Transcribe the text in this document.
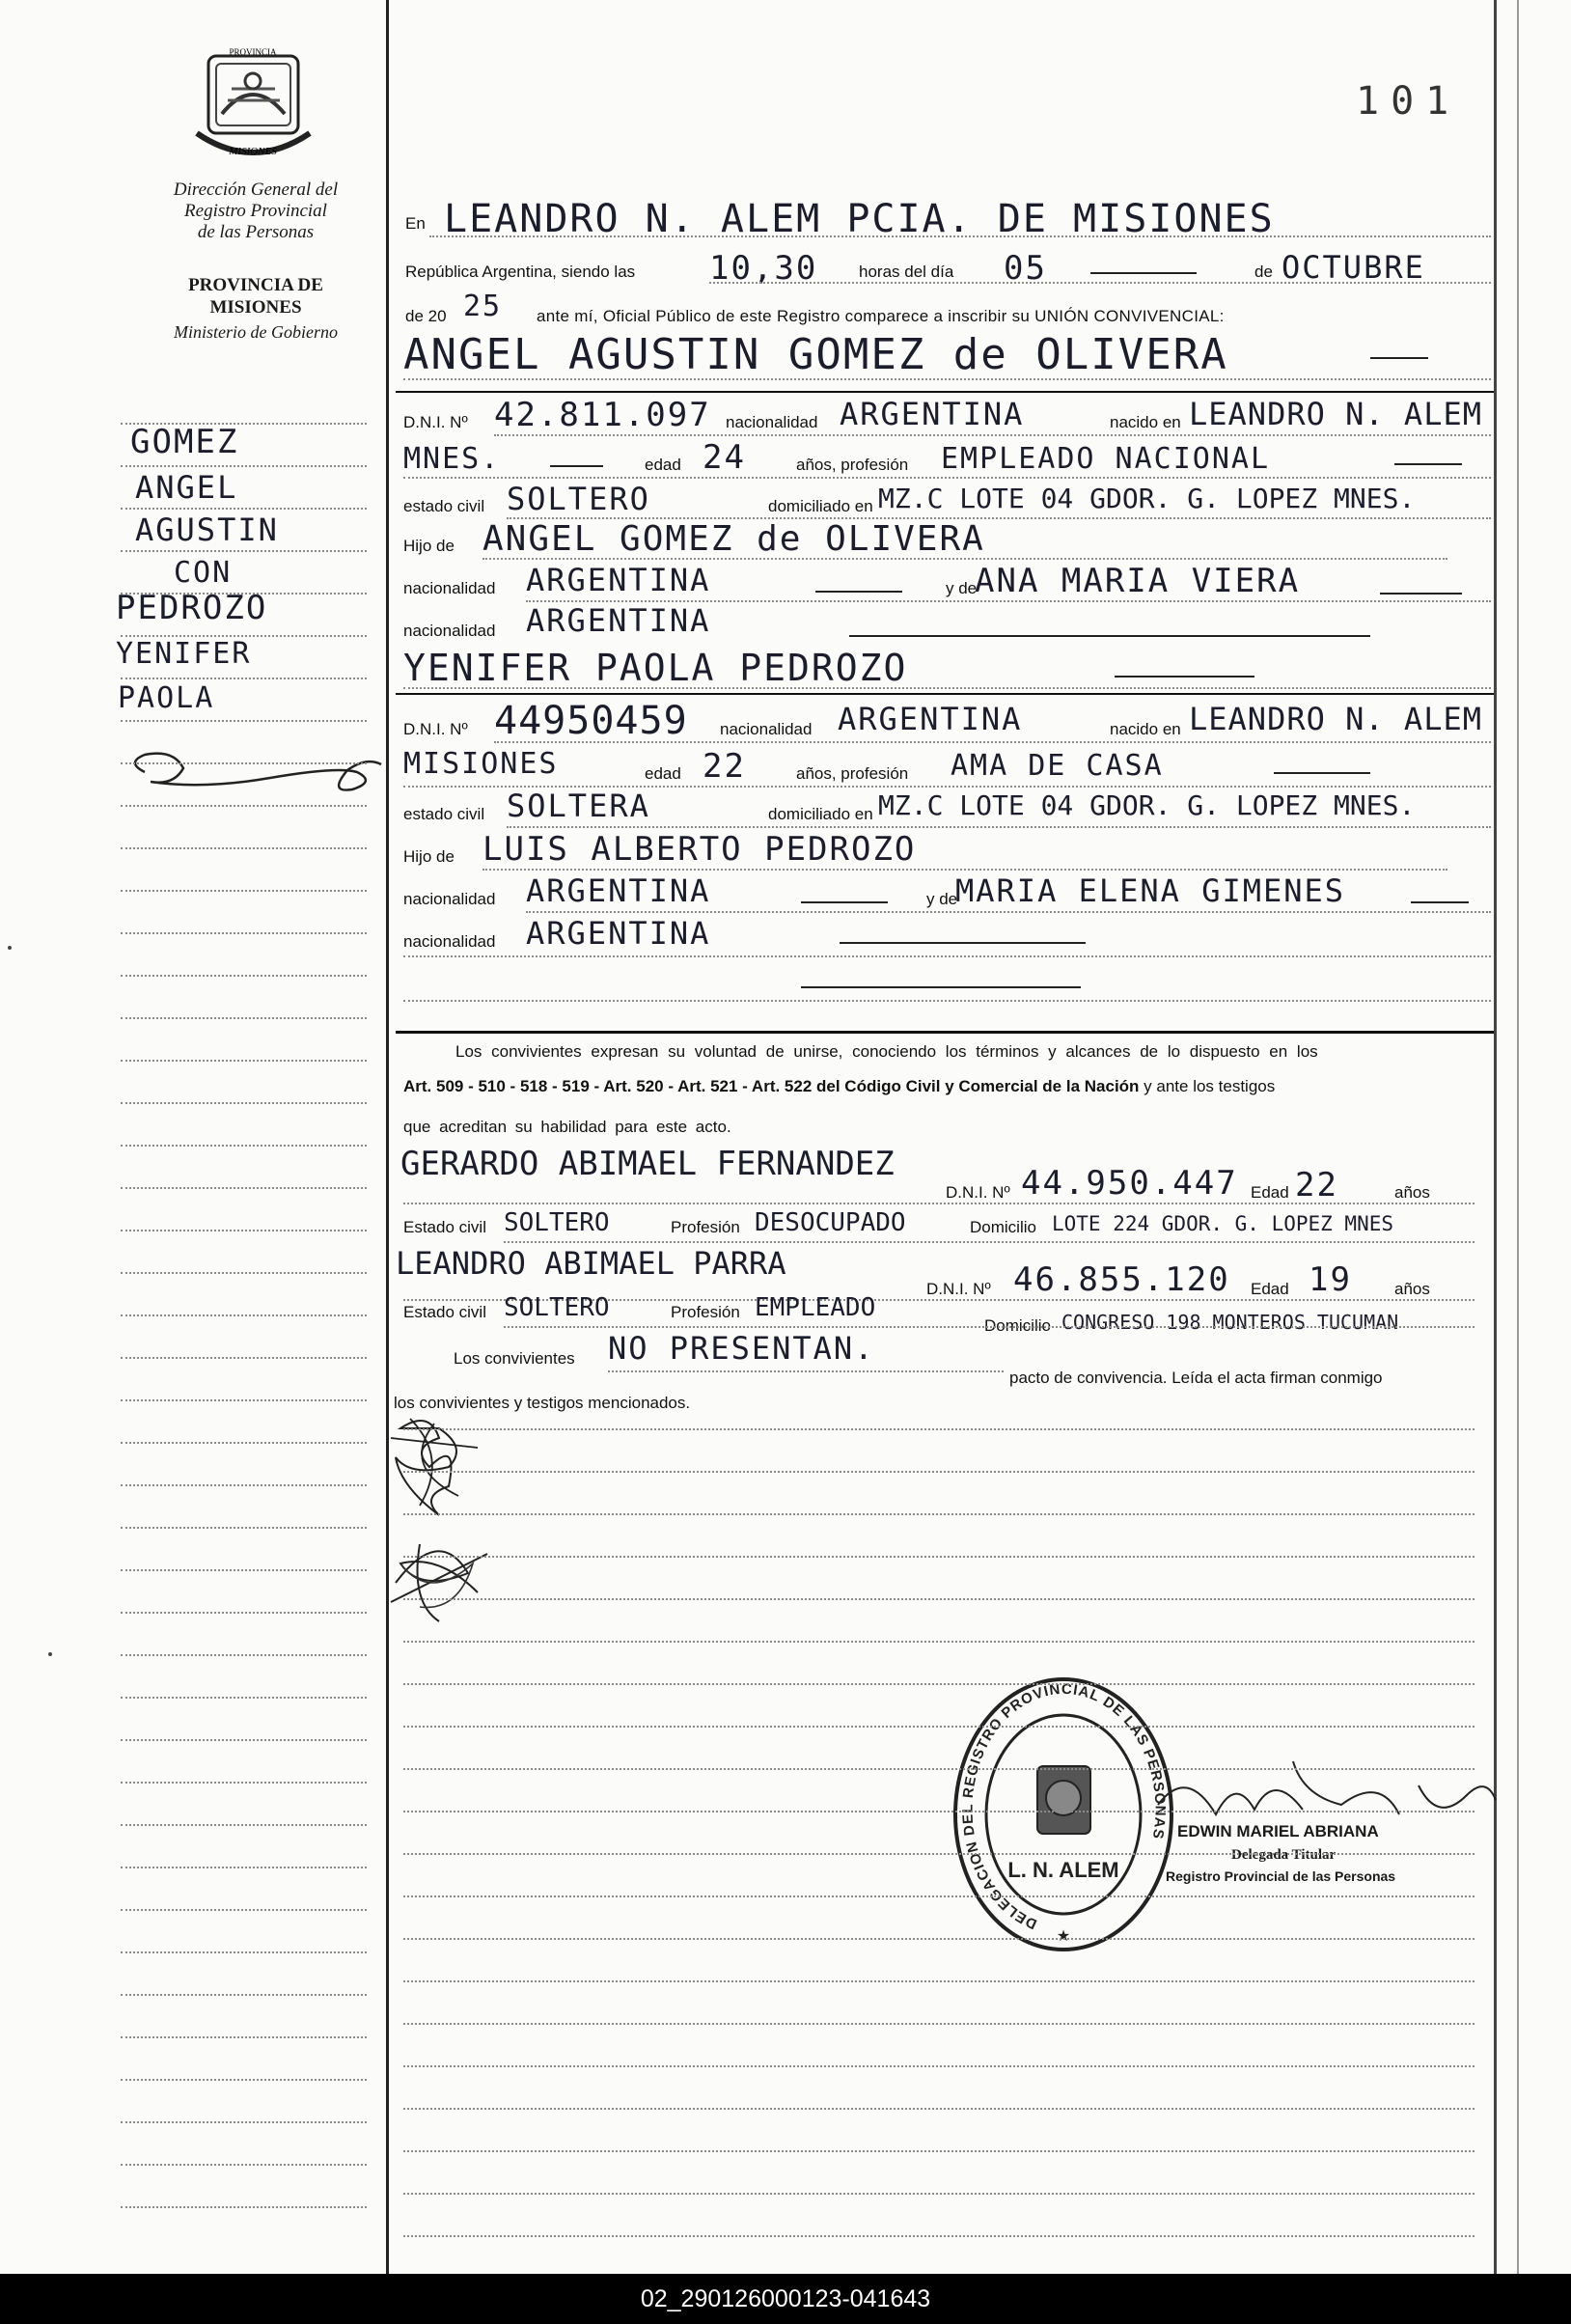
PROVINCIA
MISIONES
Dirección General del
Registro Provincial
de las Personas
PROVINCIA DE
MISIONES
Ministerio de Gobierno
101
GOMEZ
ANGEL
AGUSTIN
CON
PEDROZO
YENIFER
PAOLA
En LEANDRO N. ALEM PCIA. DE MISIONES
República Argentina, siendo las 10,30	horas del día 05	de OCTUBRE
de 20 25 ante mí, Oficial Público de este Registro comparece a inscribir su UNIÓN CONVIVENCIAL:
ANGEL AGUSTIN GOMEZ de OLIVERA
D.N.I. Nº 42.811.097 nacionalidad ARGENTINA	nacido en LEANDRO N. ALEM
MNES.	edad 24	años, profesión EMPLEADO NACIONAL
estado civil SOLTERO	domiciliado en MZ.C LOTE 04 GDOR. G. LOPEZ MNES.
Hijo de ANGEL GOMEZ de OLIVERA
nacionalidad ARGENTINA	y de
ANA MARIA VIERA
nacionalidad ARGENTINA
YENIFER PAOLA PEDROZO
D.N.I. Nº 44950459 nacionalidad ARGENTINA	nacido en LEANDRO N. ALEM
MISIONES	edad 22	años, profesión AMA DE CASA
estado civil SOLTERA	domiciliado en MZ.C LOTE 04 GDOR. G. LOPEZ MNES.
Hijo de LUIS ALBERTO PEDROZO
nacionalidad ARGENTINA	y de
MARIA ELENA GIMENES
nacionalidad ARGENTINA
Los convivientes expresan su voluntad de unirse, conociendo los términos y alcances de lo dispuesto en los
Art. 509 - 510 - 518 - 519 - Art. 520 - Art. 521 - Art. 522 del Código Civil y Comercial de la Nación y ante los testigos
que acreditan su habilidad para este acto.
GERARDO ABIMAEL FERNANDEZ
D.N.I. Nº 44.950.447 Edad 22	años
Estado civil SOLTERO	Profesión DESOCUPADO	Domicilio LOTE 224 GDOR. G. LOPEZ MNES
LEANDRO ABIMAEL PARRA
D.N.I. Nº 46.855.120 Edad 19	años
Estado civil SOLTERO	Profesión EMPLEADO
Domicilio CONGRESO 198 MONTEROS TUCUMAN
Los convivientes NO PRESENTAN.
pacto de convivencia. Leída el acta firman conmigo
los convivientes y testigos mencionados.
DELEGACION DEL REGISTRO PROVINCIAL DE LAS PERSONAS
L. N. ALEM
★
EDWIN MARIEL ABRIANA
Delegada Titular
Registro Provincial de las Personas
02_290126000123-041643
